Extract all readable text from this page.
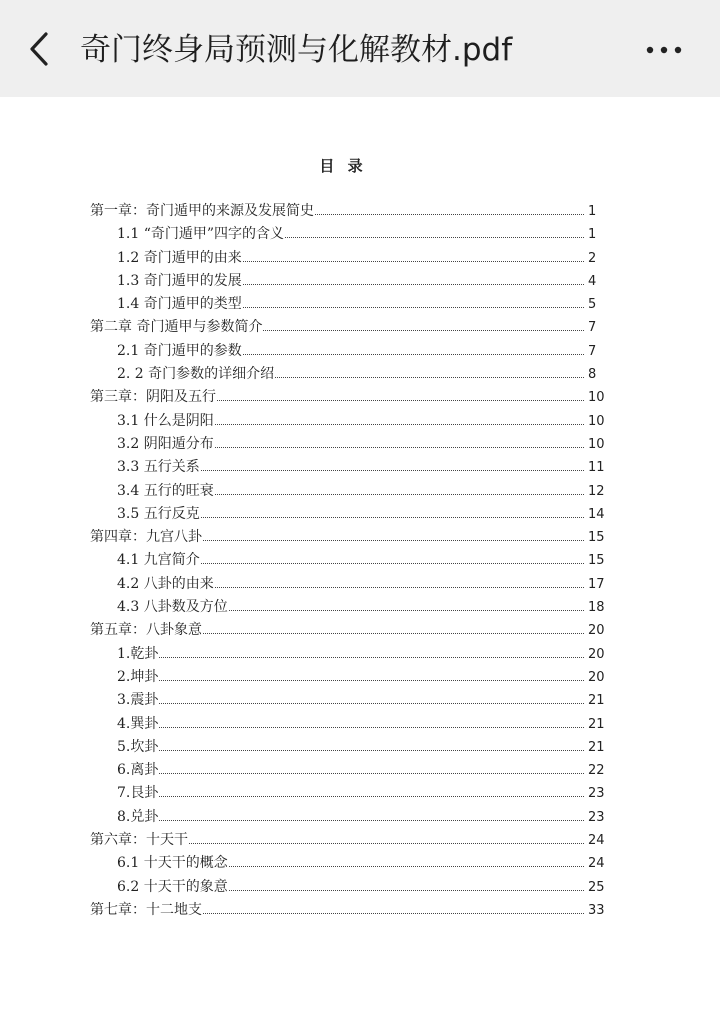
奇门终身局预测与化解教材.pdf
目 录
第一章：奇门遁甲的来源及发展简史	1
1.1 “奇门遁甲”四字的含义	1
1.2 奇门遁甲的由来	2
1.3 奇门遁甲的发展	4
1.4 奇门遁甲的类型	5
第二章 奇门遁甲与参数简介	7
2.1 奇门遁甲的参数	7
2. 2 奇门参数的详细介绍	8
第三章：阴阳及五行	10
3.1 什么是阴阳	10
3.2 阴阳遁分布	10
3.3 五行关系	11
3.4 五行的旺衰	12
3.5 五行反克	14
第四章：九宫八卦	15
4.1 九宫简介	15
4.2 八卦的由来	17
4.3 八卦数及方位	18
第五章：八卦象意	20
1.乾卦	20
2.坤卦	20
3.震卦	21
4.巽卦	21
5.坎卦	21
6.离卦	22
7.艮卦	23
8.兑卦	23
第六章：十天干	24
6.1 十天干的概念	24
6.2 十天干的象意	25
第七章：十二地支	33
